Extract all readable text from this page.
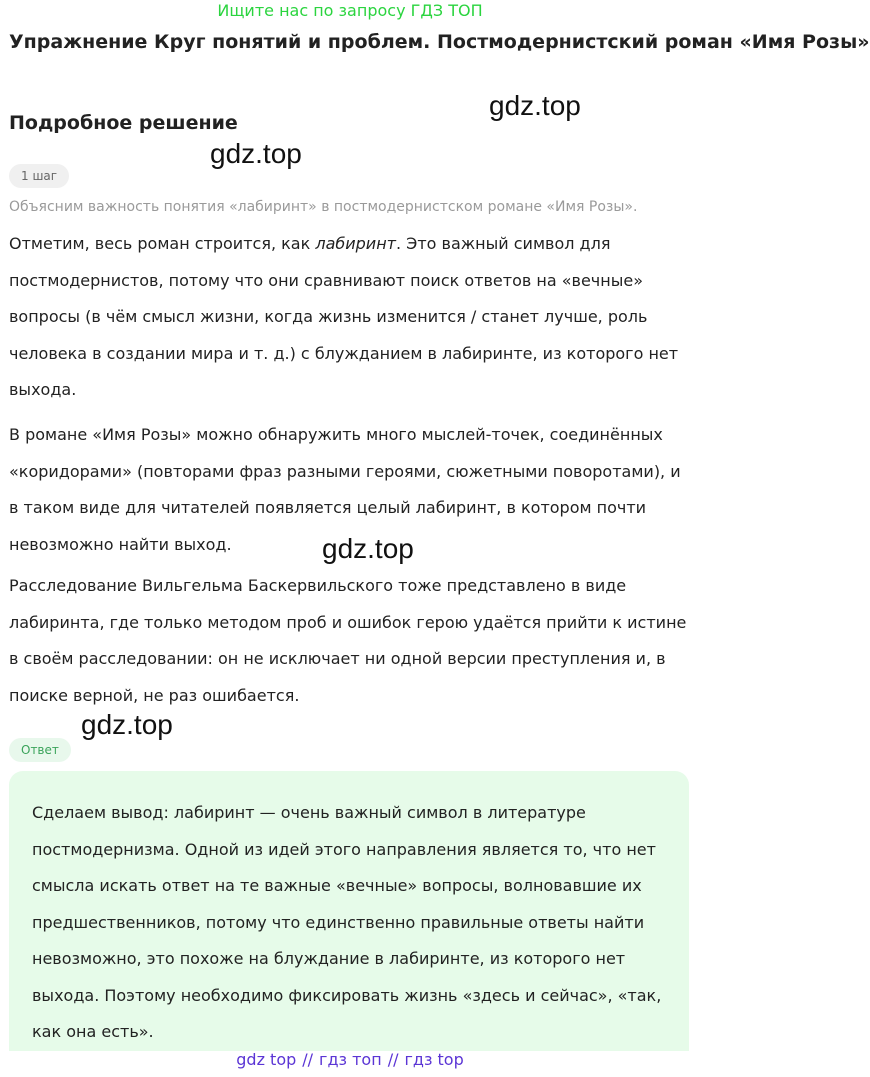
Ищите нас по запросу ГДЗ ТОП
Упражнение Круг понятий и проблем. Постмодернистский роман «Имя Розы»
gdz.top
Подробное решение
gdz.top
1 шаг
Объясним важность понятия «лабиринт» в постмодернистском романе «Имя Розы».
Отметим, весь роман строится, как лабиринт. Это важный символ для постмодернистов, потому что они сравнивают поиск ответов на «вечные» вопросы (в чём смысл жизни, когда жизнь изменится / станет лучше, роль человека в создании мира и т. д.) с блужданием в лабиринте, из которого нет выхода.
В романе «Имя Розы» можно обнаружить много мыслей-точек, соединённых «коридорами» (повторами фраз разными героями, сюжетными поворотами), и в таком виде для читателей появляется целый лабиринт, в котором почти невозможно найти выход.	gdz.top
Расследование Вильгельма Баскервильского тоже представлено в виде лабиринта, где только методом проб и ошибок герою удаётся прийти к истине в своём расследовании: он не исключает ни одной версии преступления и, в поиске верной, не раз ошибается.
gdz.top
Ответ
Сделаем вывод: лабиринт — очень важный символ в литературе постмодернизма. Одной из идей этого направления является то, что нет смысла искать ответ на те важные «вечные» вопросы, волновавшие их предшественников, потому что единственно правильные ответы найти невозможно, это похоже на блуждание в лабиринте, из которого нет выхода. Поэтому необходимо фиксировать жизнь «здесь и сейчас», «так, как она есть».
gdz top // гдз топ // гдз top
